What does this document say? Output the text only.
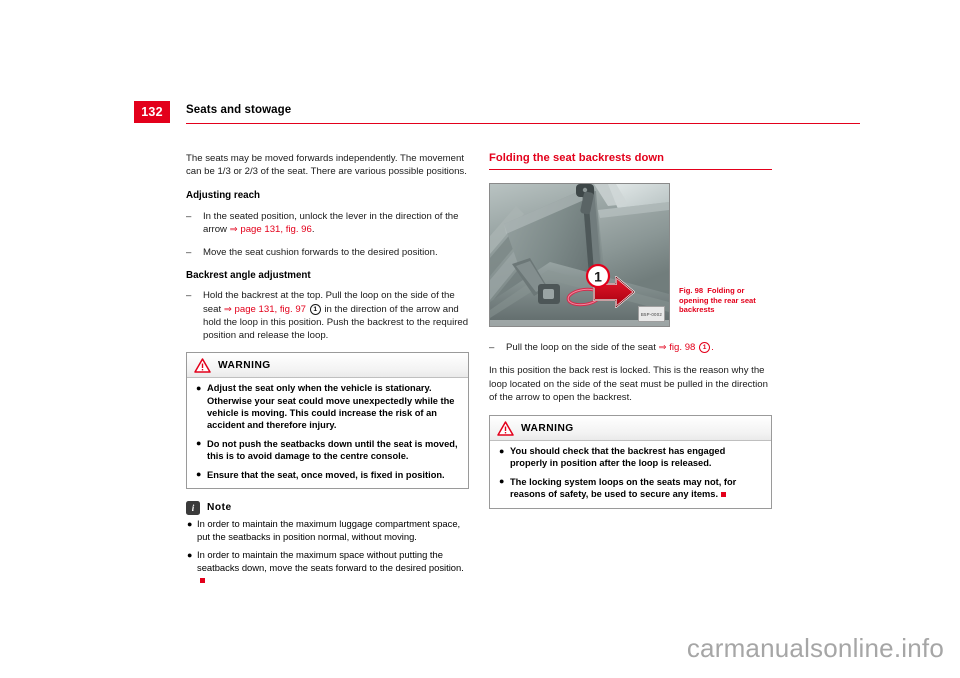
132	Seats and stowage

The seats may be moved forwards independently. The movement can be 1/3 or 2/3 of the seat. There are various possible positions.

Adjusting reach
– In the seated position, unlock the lever in the direction of the arrow ⇒ page 131, fig. 96.
– Move the seat cushion forwards to the desired position.
Backrest angle adjustment
– Hold the backrest at the top. Pull the loop on the side of the seat ⇒ page 131, fig. 97 1 in the direction of the arrow and hold the loop in this position. Push the backrest to the required position and release the loop.
WARNING

● Adjust the seat only when the vehicle is stationary. Otherwise your seat could move unexpectedly while the vehicle is moving. This could increase the risk of an accident and therefore injury.

● Do not push the seatbacks down until the seat is moved, this is to avoid damage to the centre console.

● Ensure that the seat, once moved, is fixed in position.

i	Note

● In order to maintain the maximum luggage compartment space, put the seatbacks in position normal, without moving.

● In order to maintain the maximum space without putting the seatbacks down, move the seats forward to the desired position.

Folding the seat backrests down
1
B5P-0002
Fig. 98 Folding or opening the rear seat backrests
– Pull the loop on the side of the seat ⇒ fig. 98 1 .

In this position the back rest is locked. This is the reason why the loop located on the side of the seat must be pulled in the direction of the arrow to open the backrest.

WARNING

● You should check that the backrest has engaged properly in position after the loop is released.

● The locking system loops on the seats may not, for reasons of safety, be used to secure any items.

carmanualsonline.info
